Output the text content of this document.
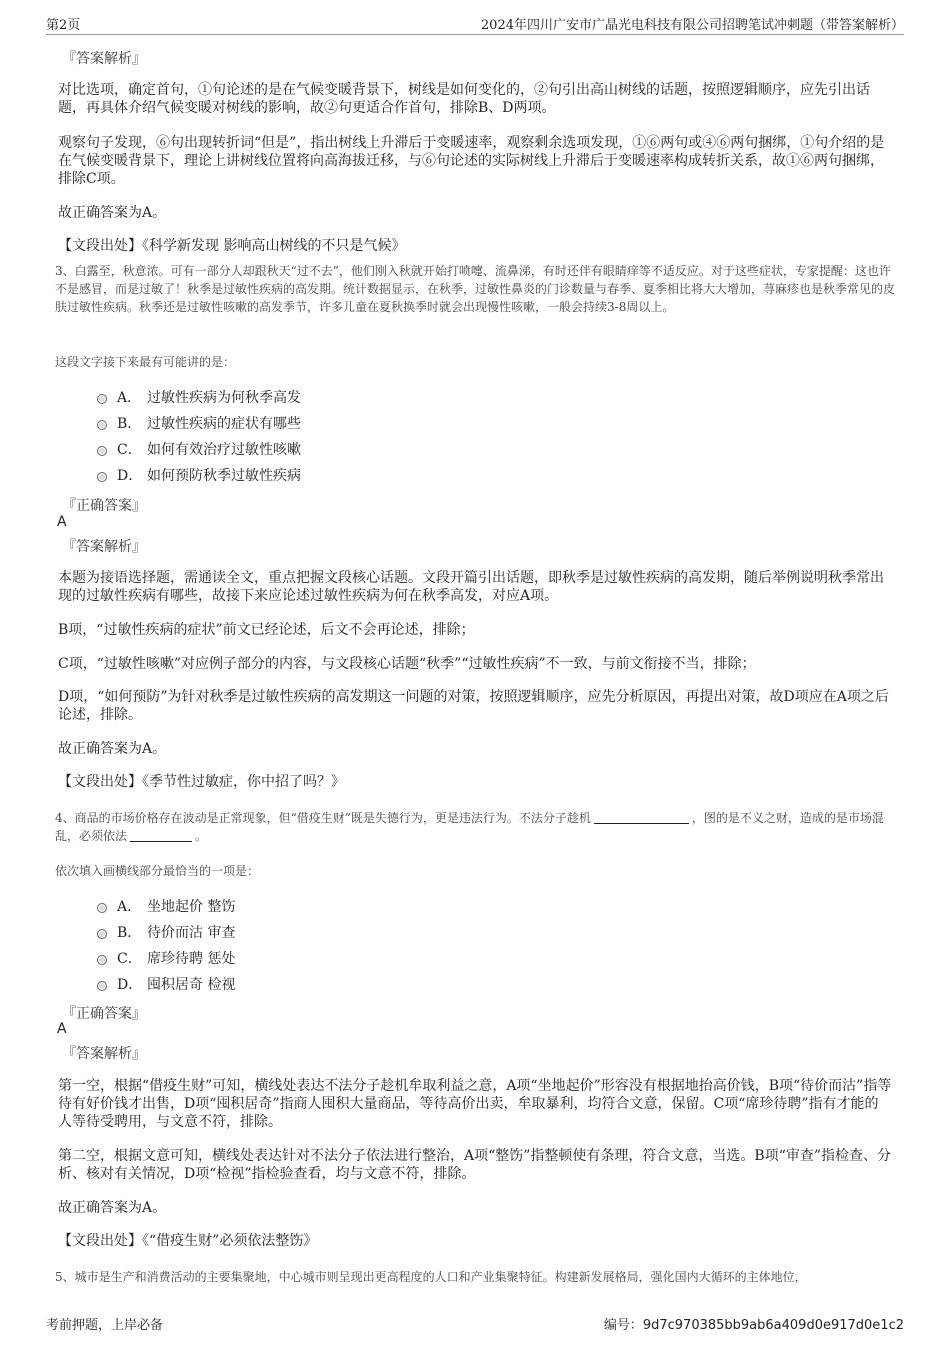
第2页	2024年四川广安市广晶光电科技有限公司招聘笔试冲刺题（带答案解析）
『答案解析』
对比选项，确定首句，①句论述的是在气候变暖背景下，树线是如何变化的，②句引出高山树线的话题，按照逻辑顺序，应先引出话题，再具体介绍气候变暖对树线的影响，故②句更适合作首句，排除B、D两项。
观察句子发现，⑥句出现转折词“但是”，指出树线上升滞后于变暖速率，观察剩余选项发现，①⑥两句或④⑥两句捆绑，①句介绍的是在气候变暖背景下，理论上讲树线位置将向高海拔迁移，与⑥句论述的实际树线上升滞后于变暖速率构成转折关系，故①⑥两句捆绑，排除C项。
故正确答案为A。
【文段出处】《科学新发现 影响高山树线的不只是气候》
3、白露至，秋意浓。可有一部分人却跟秋天“过不去”，他们刚入秋就开始打喷嚏、流鼻涕，有时还伴有眼睛痒等不适反应。对于这些症状，专家提醒：这也许不是感冒，而是过敏了！秋季是过敏性疾病的高发期。统计数据显示，在秋季，过敏性鼻炎的门诊数量与春季、夏季相比将大大增加，荨麻疹也是秋季常见的皮肤过敏性疾病。秋季还是过敏性咳嗽的高发季节，许多儿童在夏秋换季时就会出现慢性咳嗽，一般会持续3-8周以上。
这段文字接下来最有可能讲的是：
A． 过敏性疾病为何秋季高发
B． 过敏性疾病的症状有哪些
C． 如何有效治疗过敏性咳嗽
D． 如何预防秋季过敏性疾病
『正确答案』
A
『答案解析』
本题为接语选择题，需通读全文，重点把握文段核心话题。文段开篇引出话题，即秋季是过敏性疾病的高发期，随后举例说明秋季常出现的过敏性疾病有哪些，故接下来应论述过敏性疾病为何在秋季高发，对应A项。
B项，“过敏性疾病的症状”前文已经论述，后文不会再论述，排除；
C项，“过敏性咳嗽”对应例子部分的内容，与文段核心话题“秋季”“过敏性疾病”不一致，与前文衔接不当，排除；
D项，“如何预防”为针对秋季是过敏性疾病的高发期这一问题的对策，按照逻辑顺序，应先分析原因，再提出对策，故D项应在A项之后论述，排除。
故正确答案为A。
【文段出处】《季节性过敏症，你中招了吗？》
4、商品的市场价格存在波动是正常现象，但“借疫生财”既是失德行为，更是违法行为。不法分子趁机	，图的是不义之财，造成的是市场混乱，必须依法	。
依次填入画横线部分最恰当的一项是：
A． 坐地起价 整饬
B． 待价而沽 审查
C． 席珍待聘 惩处
D． 囤积居奇 检视
『正确答案』
A
『答案解析』
第一空，根据“借疫生财”可知，横线处表达不法分子趁机牟取利益之意，A项“坐地起价”形容没有根据地抬高价钱，B项“待价而沽”指等待有好价钱才出售，D项“囤积居奇”指商人囤积大量商品，等待高价出卖，牟取暴利，均符合文意，保留。C项“席珍待聘”指有才能的人等待受聘用，与文意不符，排除。
第二空，根据文意可知，横线处表达针对不法分子依法进行整治，A项“整饬”指整顿使有条理，符合文意，当选。B项“审查”指检查、分析、核对有关情况，D项“检视”指检验查看，均与文意不符，排除。
故正确答案为A。
【文段出处】《“借疫生财”必须依法整饬》
5、城市是生产和消费活动的主要集聚地，中心城市则呈现出更高程度的人口和产业集聚特征。构建新发展格局，强化国内大循环的主体地位，
考前押题，上岸必备	编号：9d7c970385bb9ab6a409d0e917d0e1c2
